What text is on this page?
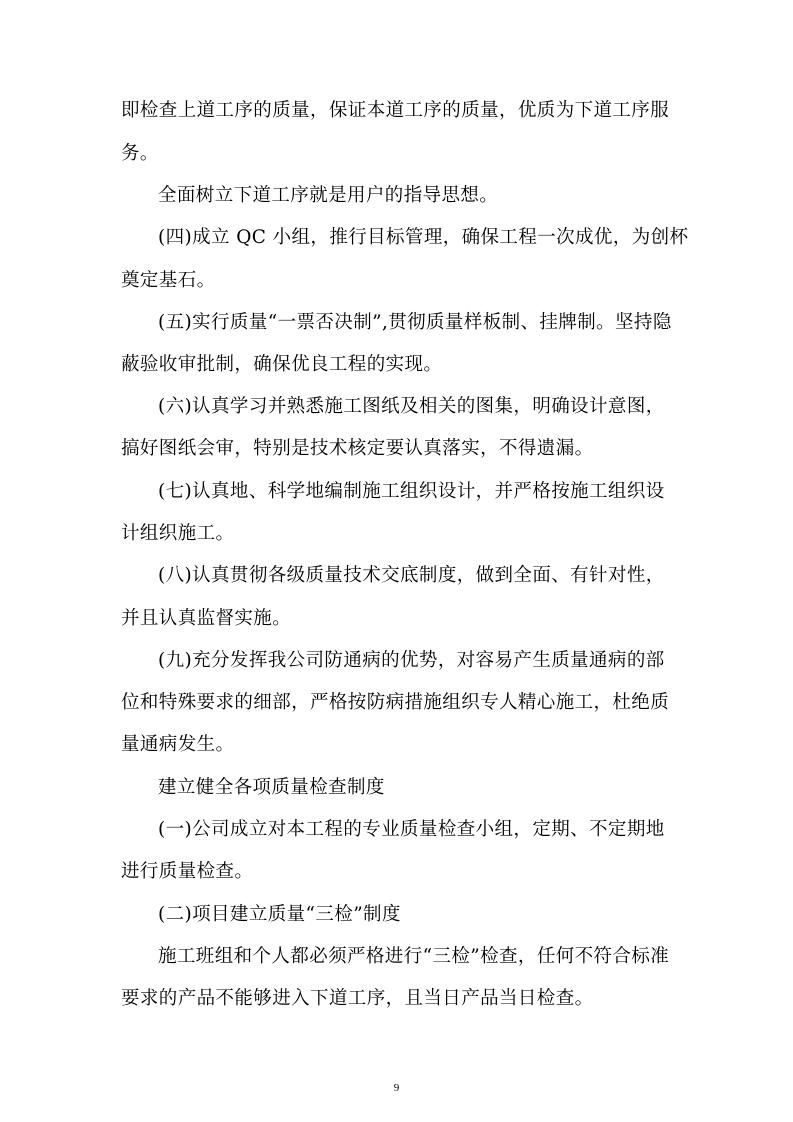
即检查上道工序的质量，保证本道工序的质量，优质为下道工序服
务。
全面树立下道工序就是用户的指导思想。
(四)成立 QC 小组，推行目标管理，确保工程一次成优，为创杯
奠定基石。
(五)实行质量“一票否决制”,贯彻质量样板制、挂牌制。坚持隐
蔽验收审批制，确保优良工程的实现。
(六)认真学习并熟悉施工图纸及相关的图集，明确设计意图，
搞好图纸会审，特别是技术核定要认真落实，不得遗漏。
(七)认真地、科学地编制施工组织设计，并严格按施工组织设
计组织施工。
(八)认真贯彻各级质量技术交底制度，做到全面、有针对性，
并且认真监督实施。
(九)充分发挥我公司防通病的优势，对容易产生质量通病的部
位和特殊要求的细部，严格按防病措施组织专人精心施工，杜绝质
量通病发生。
建立健全各项质量检查制度
(一)公司成立对本工程的专业质量检查小组，定期、不定期地
进行质量检查。
(二)项目建立质量“三检”制度
施工班组和个人都必须严格进行“三检”检查，任何不符合标准
要求的产品不能够进入下道工序，且当日产品当日检查。
9
